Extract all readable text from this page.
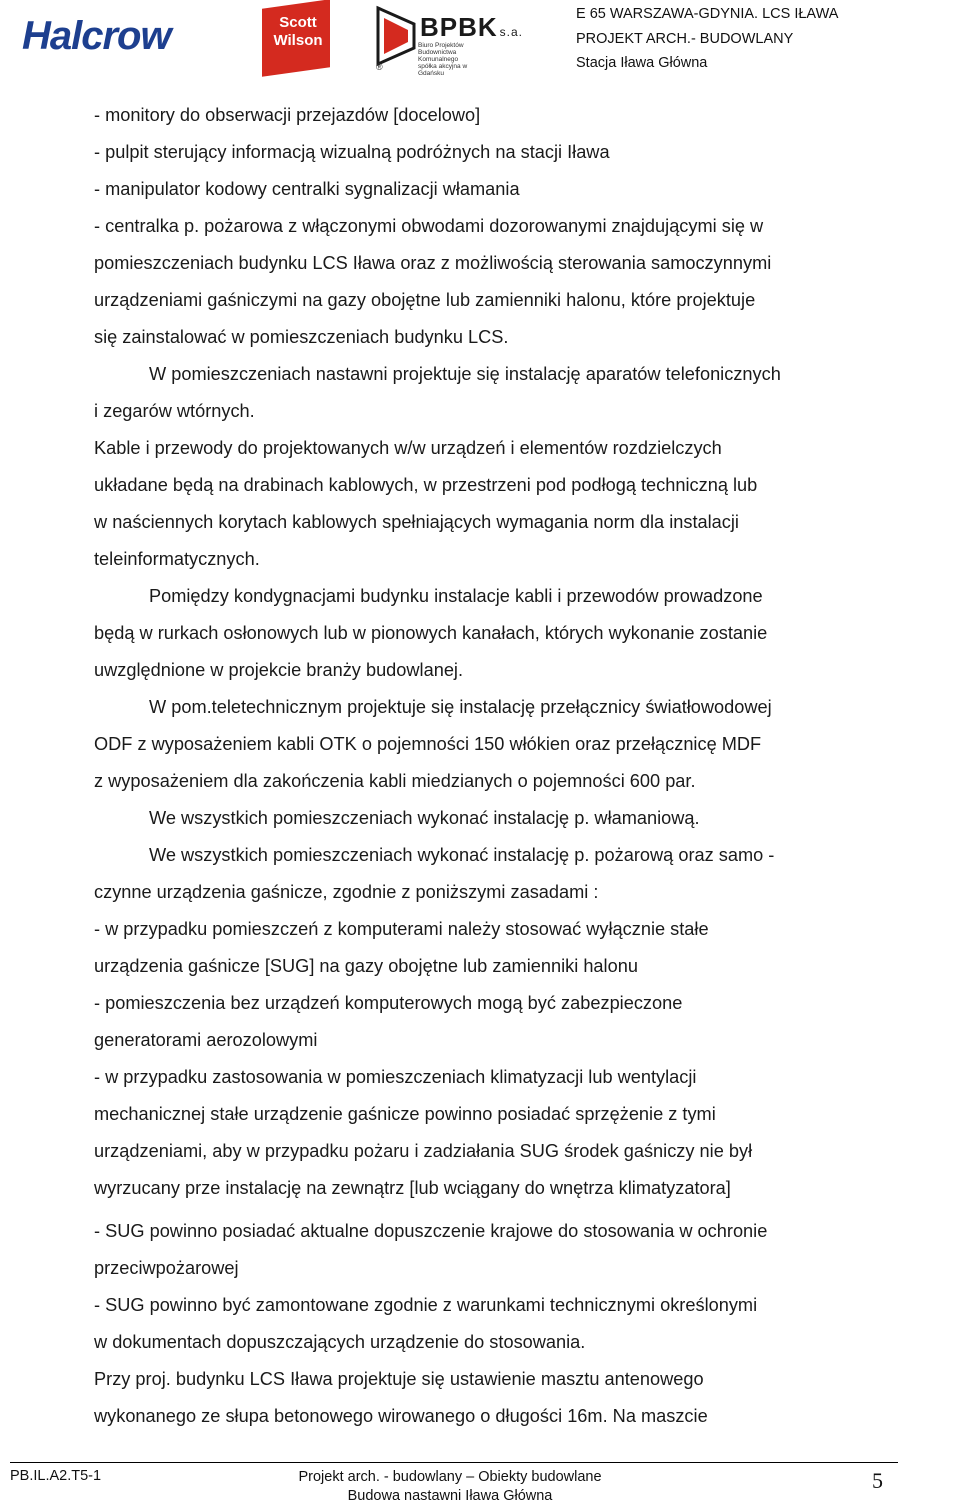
Halcrow	Scott
Wilson	BPBK s.a.
Biuro Projektów Budownictwa Komunalnego spółka akcyjna w Gdańsku
®
E 65 WARSZAWA-GDYNIA. LCS IŁAWA
PROJEKT ARCH.- BUDOWLANY
Stacja Iława Główna
- monitory do obserwacji przejazdów [docelowo]
- pulpit sterujący informacją wizualną podróżnych na stacji Iława
- manipulator kodowy centralki sygnalizacji włamania
- centralka p. pożarowa z włączonymi obwodami dozorowanymi znajdującymi się w
pomieszczeniach budynku LCS Iława oraz z możliwością sterowania samoczynnymi
urządzeniami gaśniczymi na gazy obojętne lub zamienniki halonu, które projektuje
się zainstalować w pomieszczeniach budynku LCS.
W pomieszczeniach nastawni projektuje się instalację aparatów telefonicznych
i zegarów wtórnych.
Kable i przewody do projektowanych w/w urządzeń i elementów rozdzielczych
układane będą na drabinach kablowych, w przestrzeni pod podłogą techniczną lub
w naściennych korytach kablowych spełniających wymagania norm dla instalacji
teleinformatycznych.
Pomiędzy kondygnacjami budynku instalacje kabli i przewodów prowadzone
będą w rurkach osłonowych lub w pionowych kanałach, których wykonanie zostanie
uwzględnione w projekcie branży budowlanej.
W pom.teletechnicznym projektuje się instalację przełącznicy światłowodowej
ODF z wyposażeniem kabli OTK o pojemności 150 włókien oraz przełącznicę MDF
z wyposażeniem dla zakończenia kabli miedzianych o pojemności 600 par.
We wszystkich pomieszczeniach wykonać instalację p. włamaniową.
We wszystkich pomieszczeniach wykonać instalację p. pożarową oraz samo -
czynne urządzenia gaśnicze, zgodnie z poniższymi zasadami :
- w przypadku pomieszczeń z komputerami należy stosować wyłącznie stałe
urządzenia gaśnicze [SUG] na gazy obojętne lub zamienniki halonu
- pomieszczenia bez urządzeń komputerowych mogą być zabezpieczone
generatorami aerozolowymi
- w przypadku zastosowania w pomieszczeniach klimatyzacji lub wentylacji
mechanicznej stałe urządzenie gaśnicze powinno posiadać sprzężenie z tymi
urządzeniami, aby w przypadku pożaru i zadziałania SUG środek gaśniczy nie był
wyrzucany prze instalację na zewnątrz [lub wciągany do wnętrza klimatyzatora]
- SUG powinno posiadać aktualne dopuszczenie krajowe do stosowania w ochronie
przeciwpożarowej
- SUG powinno być zamontowane zgodnie z warunkami technicznymi określonymi
w dokumentach dopuszczających urządzenie do stosowania.
Przy proj. budynku LCS Iława projektuje się ustawienie masztu antenowego
wykonanego ze słupa betonowego wirowanego o długości 16m. Na maszcie
PB.IL.A2.T5-1	Projekt arch. - budowlany – Obiekty budowlane
Budowa nastawni Iława Główna
5
